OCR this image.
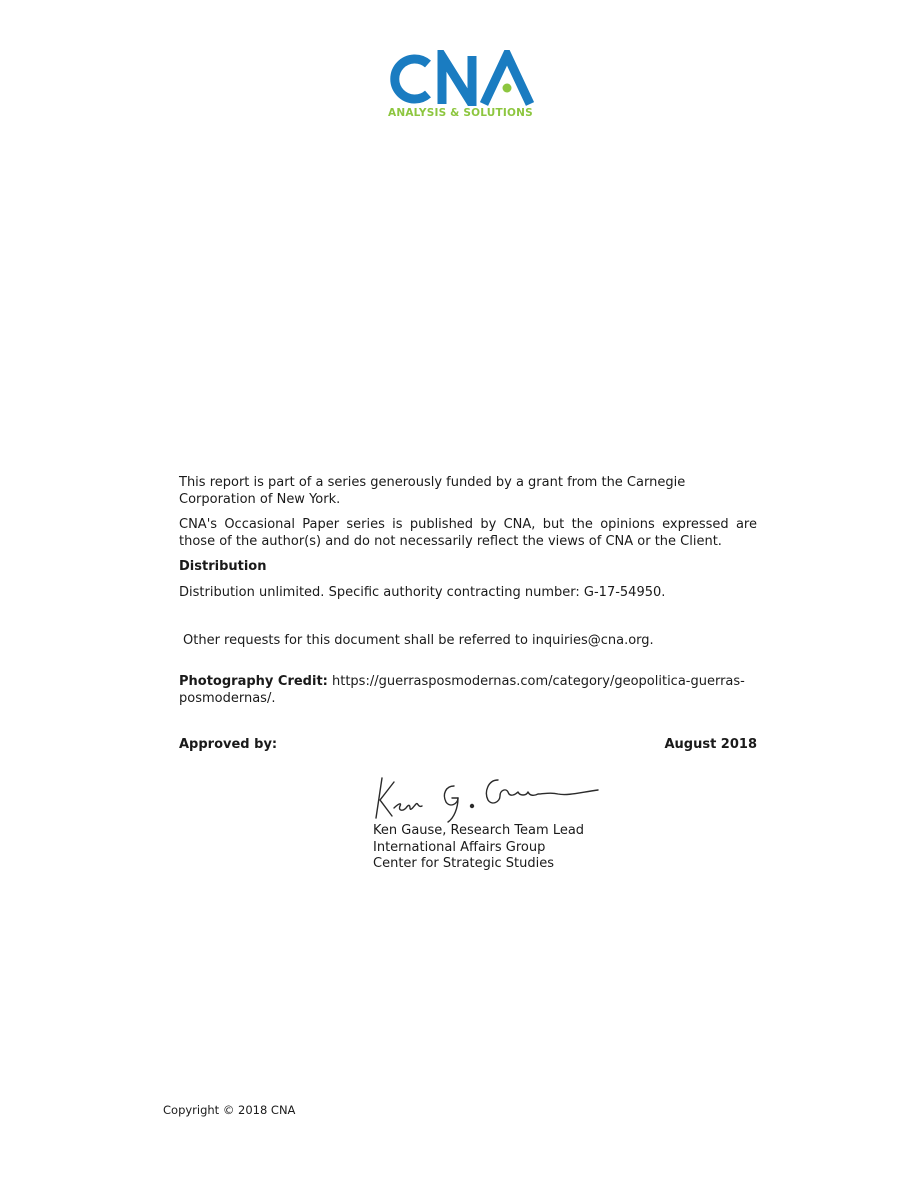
ANALYSIS & SOLUTIONS

This report is part of a series generously funded by a grant from the Carnegie Corporation of New York.

CNA's Occasional Paper series is published by CNA, but the opinions expressed are those of the author(s) and do not necessarily reflect the views of CNA or the Client.

Distribution
Distribution unlimited. Specific authority contracting number: G-17-54950.
Other requests for this document shall be referred to inquiries@cna.org.

Photography Credit: https://guerrasposmodernas.com/category/geopolitica-guerras-posmodernas/.

Approved by:	August 2018
Ken Gause, Research Team Lead
International Affairs Group
Center for Strategic Studies
Copyright © 2018 CNA
